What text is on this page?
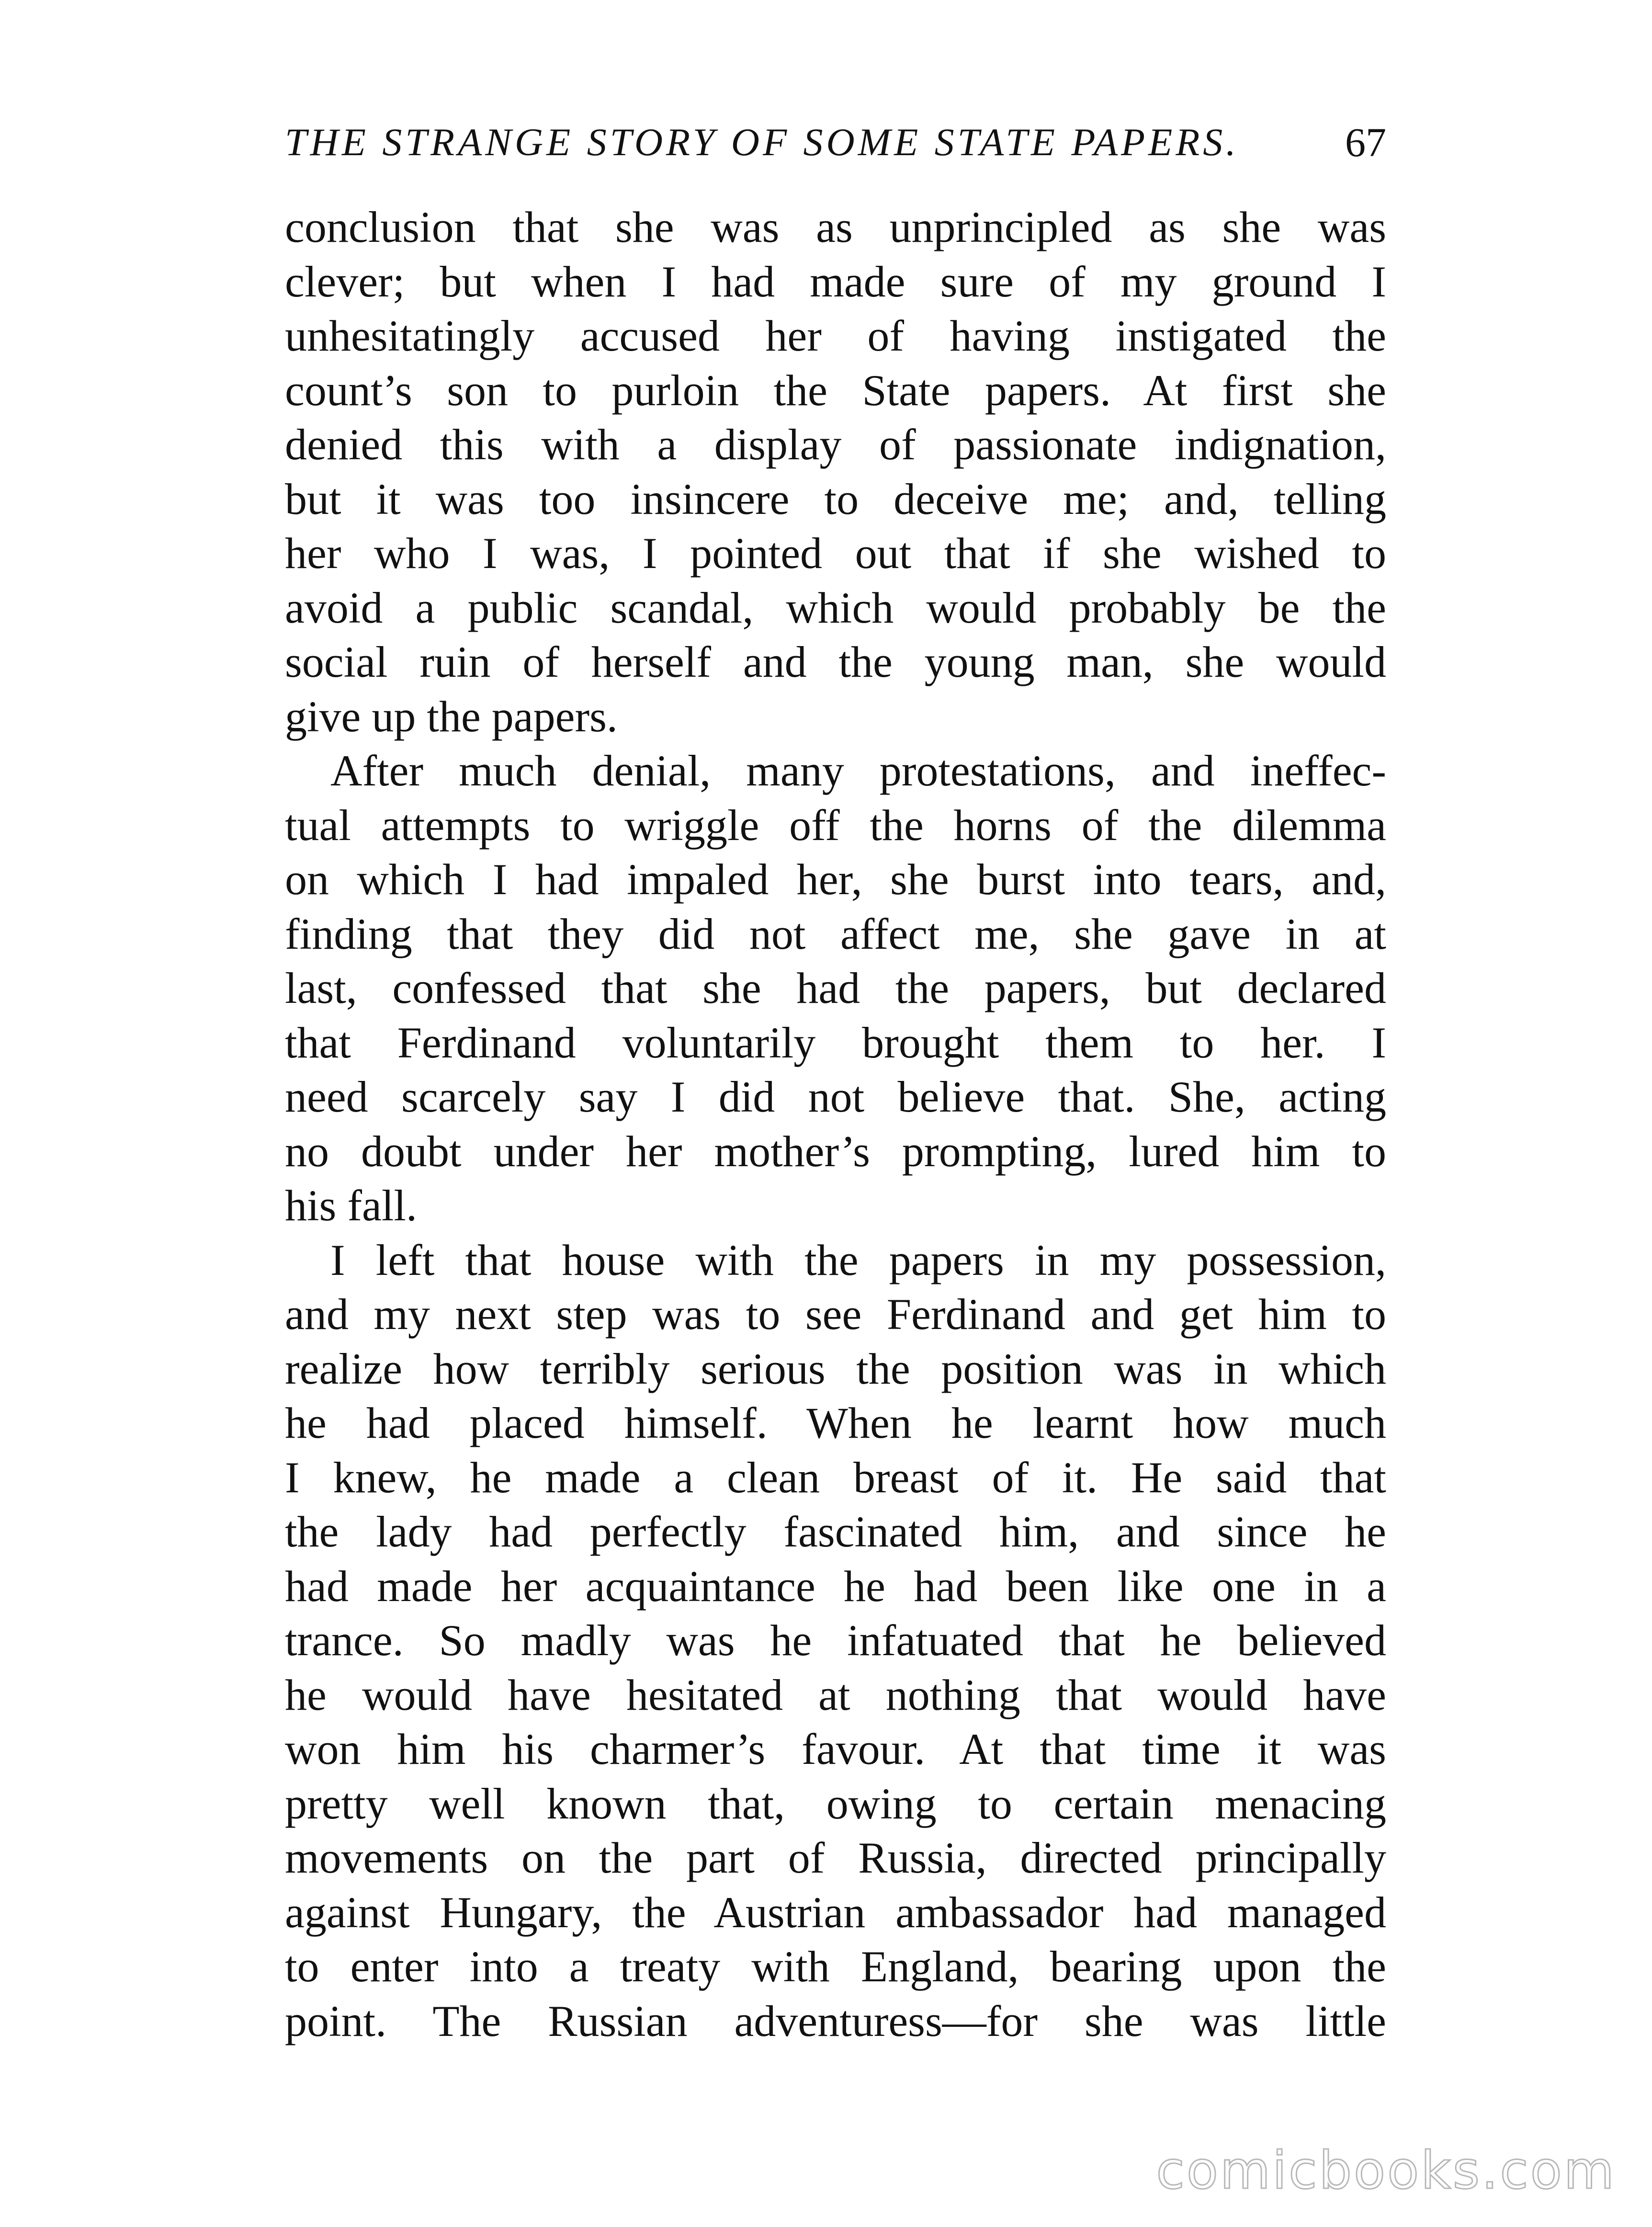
THE STRANGE STORY OF SOME STATE PAPERS.	67
conclusion that she was as unprincipled as she was
clever; but when I had made sure of my ground I
unhesitatingly accused her of having instigated the
count’s son to purloin the State papers. At first she
denied this with a display of passionate indignation,
but it was too insincere to deceive me; and, telling
her who I was, I pointed out that if she wished to
avoid a public scandal, which would probably be the
social ruin of herself and the young man, she would
give up the papers.
After much denial, many protestations, and ineffec-
tual attempts to wriggle off the horns of the dilemma
on which I had impaled her, she burst into tears, and,
finding that they did not affect me, she gave in at
last, confessed that she had the papers, but declared
that Ferdinand voluntarily brought them to her. I
need scarcely say I did not believe that. She, acting
no doubt under her mother’s prompting, lured him to
his fall.
I left that house with the papers in my possession,
and my next step was to see Ferdinand and get him to
realize how terribly serious the position was in which
he had placed himself. When he learnt how much
I knew, he made a clean breast of it. He said that
the lady had perfectly fascinated him, and since he
had made her acquaintance he had been like one in a
trance. So madly was he infatuated that he believed
he would have hesitated at nothing that would have
won him his charmer’s favour. At that time it was
pretty well known that, owing to certain menacing
movements on the part of Russia, directed principally
against Hungary, the Austrian ambassador had managed
to enter into a treaty with England, bearing upon the
point. The Russian adventuress—for she was little
comicbooks.com
